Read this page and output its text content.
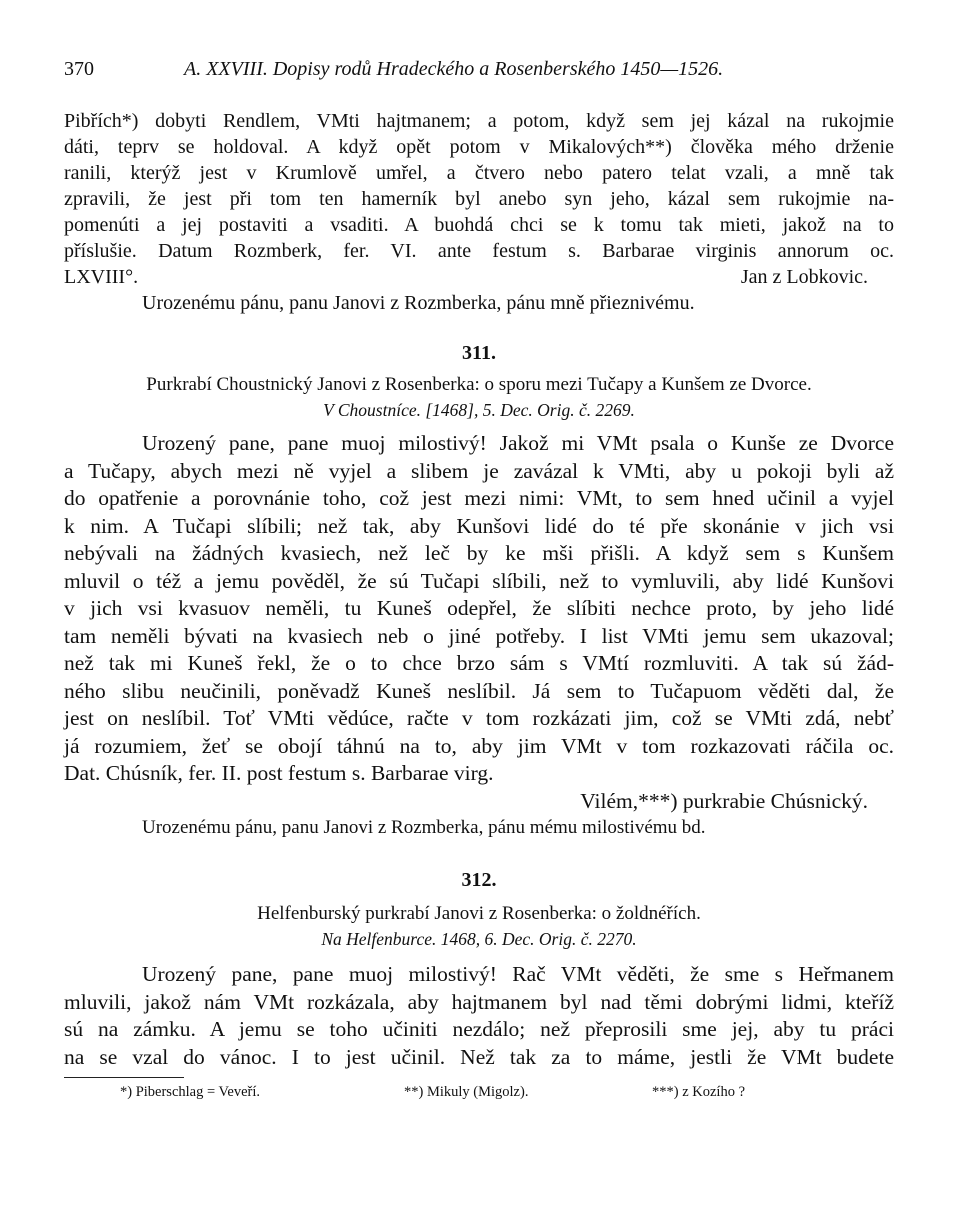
370	A. XXVIII. Dopisy rodů Hradeckého a Rosenberského 1450—1526.

Pibřích*) dobyti Rendlem, VMti hajtmanem; a potom, když sem jej kázal na rukojmie

dáti, teprv se holdoval. A když opět potom v Mikalových**) člověka mého drženie

ranili, kterýž jest v Krumlově umřel, a čtvero nebo patero telat vzali, a mně tak

zpravili, že jest při tom ten hamerník byl anebo syn jeho, kázal sem rukojmie na-

pomenúti a jej postaviti a vsaditi. A buohdá chci se k tomu tak mieti, jakož na to

příslušie. Datum Rozmberk, fer. VI. ante festum s. Barbarae virginis annorum oc.

LXVIII°.	Jan z Lobkovic.

Urozenému pánu, panu Janovi z Rozmberka, pánu mně přieznivému.

311.
Purkrabí Choustnický Janovi z Rosenberka: o sporu mezi Tučapy a Kunšem ze Dvorce.
V Choustníce. [1468], 5. Dec. Orig. č. 2269.

Urozený pane, pane muoj milostivý! Jakož mi VMt psala o Kunše ze Dvorce

a Tučapy, abych mezi ně vyjel a slibem je zavázal k VMti, aby u pokoji byli až

do opatřenie a porovnánie toho, což jest mezi nimi: VMt, to sem hned učinil a vyjel

k nim. A Tučapi slíbili; než tak, aby Kunšovi lidé do té pře skonánie v jich vsi

nebývali na žádných kvasiech, než leč by ke mši přišli. A když sem s Kunšem

mluvil o též a jemu pověděl, že sú Tučapi slíbili, než to vymluvili, aby lidé Kunšovi

v jich vsi kvasuov neměli, tu Kuneš odepřel, že slíbiti nechce proto, by jeho lidé

tam neměli bývati na kvasiech neb o jiné potřeby. I list VMti jemu sem ukazoval;

než tak mi Kuneš řekl, že o to chce brzo sám s VMtí rozmluviti. A tak sú žád-

ného slibu neučinili, poněvadž Kuneš neslíbil. Já sem to Tučapuom věděti dal, že

jest on neslíbil. Toť VMti vědúce, račte v tom rozkázati jim, což se VMti zdá, nebť

já rozumiem, žeť se obojí táhnú na to, aby jim VMt v tom rozkazovati ráčila oc.

Dat. Chúsník, fer. II. post festum s. Barbarae virg.

Vilém,***) purkrabie Chúsnický.

Urozenému pánu, panu Janovi z Rozmberka, pánu mému milostivému bd.

312.
Helfenburský purkrabí Janovi z Rosenberka: o žoldnéřích.
Na Helfenburce. 1468, 6. Dec. Orig. č. 2270.

Urozený pane, pane muoj milostivý! Rač VMt věděti, že sme s Heřmanem

mluvili, jakož nám VMt rozkázala, aby hajtmanem byl nad těmi dobrými lidmi, kteříž

sú na zámku. A jemu se toho učiniti nezdálo; než přeprosili sme jej, aby tu práci

na se vzal do vánoc. I to jest učinil. Než tak za to máme, jestli že VMt budete

*) Piberschlag = Veveří.	**) Mikuly (Migolz).	***) z Kozího ?
